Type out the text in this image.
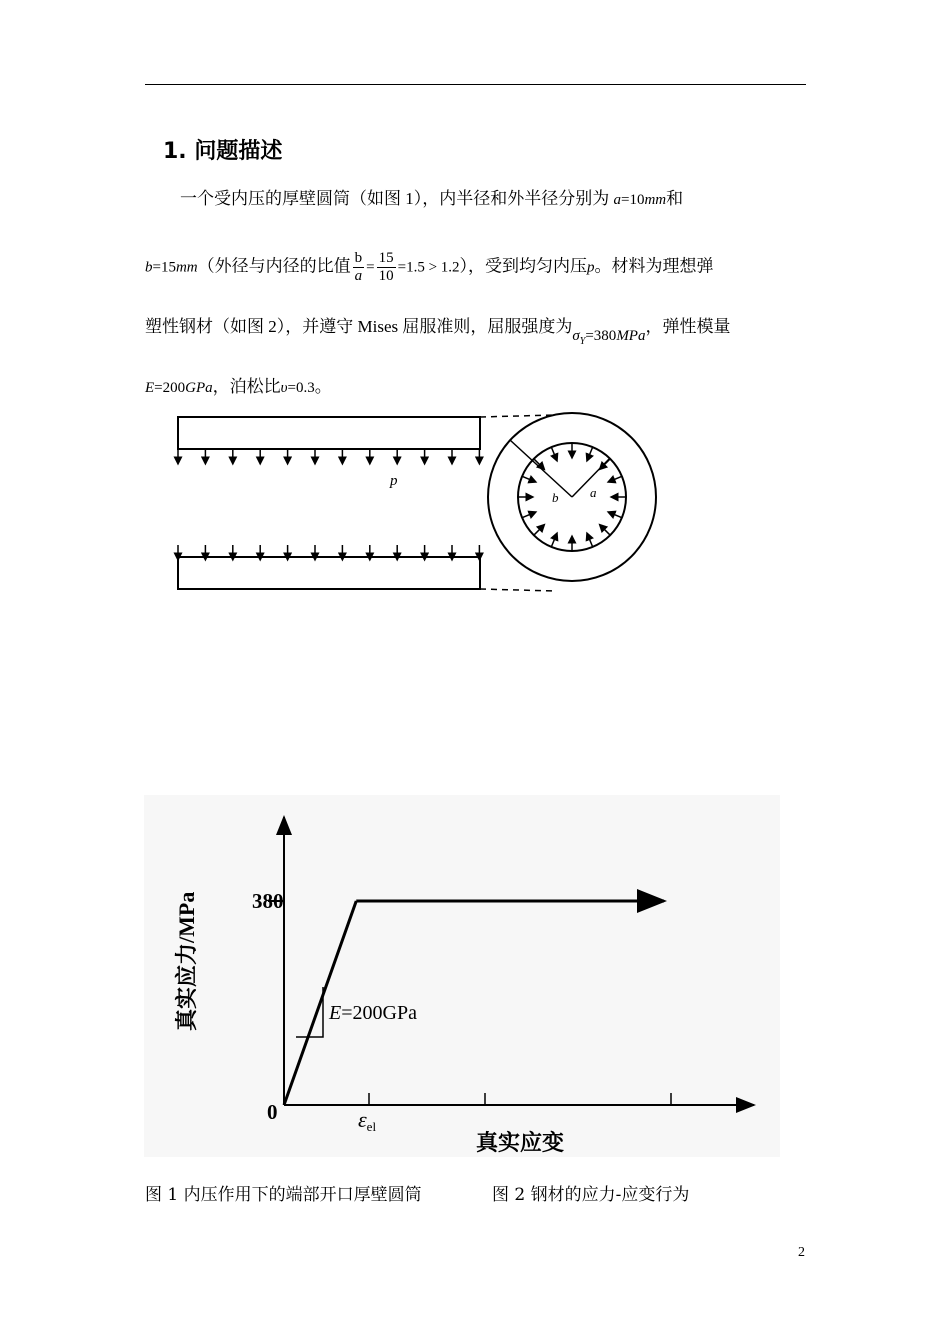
1. 问题描述
一个受内压的厚壁圆筒（如图 1），内半径和外半径分别为 a=10mm和
b=15mm（外径与内径的比值 $\frac{b}{a} = \frac{15}{10} =1.5 > 1.2$），受到均匀内压p。材料为理想弹
塑性钢材（如图 2），并遵守 Mises 屈服准则，屈服强度为$\sigma_Y=380MPa$，弹性模量
E=200GPa，泊松比υ=0.3。
p
b a
380
0
E=200GPa
εel
真实应变
真实应力/MPa
图 1 内压作用下的端部开口厚壁圆筒	图 2 钢材的应力-应变行为
2
